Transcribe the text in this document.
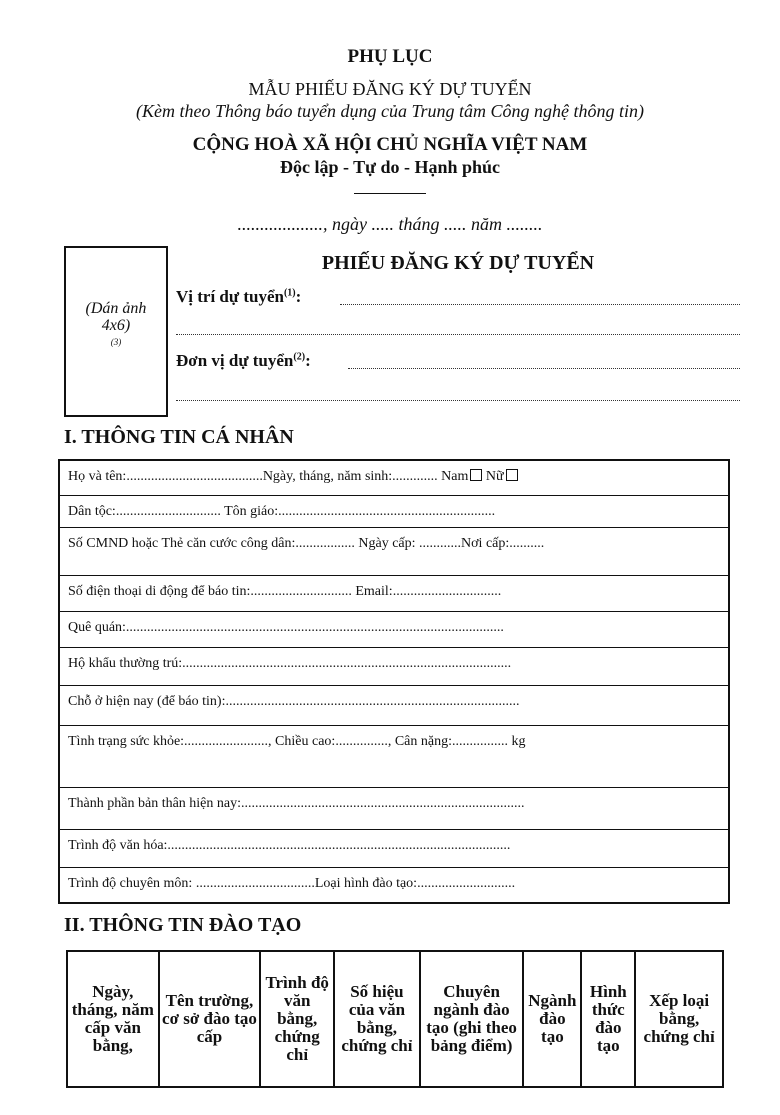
PHỤ LỤC
MẪU PHIẾU ĐĂNG KÝ DỰ TUYỂN
(Kèm theo Thông báo tuyển dụng của Trung tâm Công nghệ thông tin)
CỘNG HOÀ XÃ HỘI CHỦ NGHĨA VIỆT NAM
Độc lập - Tự do - Hạnh phúc
..................., ngày ..... tháng ..... năm ........
(Dán ảnh
4x6)
(3)
PHIẾU ĐĂNG KÝ DỰ TUYỂN
Vị trí dự tuyển$^{(1)}$:
Đơn vị dự tuyển$^{(2)}$:
I. THÔNG TIN CÁ NHÂN
Họ và tên:.......................................Ngày, tháng, năm sinh:............. Nam Nữ
Dân tộc:.............................. Tôn giáo:..............................................................
Số CMND hoặc Thẻ căn cước công dân:................. Ngày cấp: ............Nơi cấp:..........
Số điện thoại di động để báo tin:............................. Email:...............................
Quê quán:............................................................................................................
Hộ khẩu thường trú:..............................................................................................
Chỗ ở hiện nay (để báo tin):....................................................................................
Tình trạng sức khỏe:........................, Chiều cao:..............., Cân nặng:................ kg
Thành phần bản thân hiện nay:.................................................................................
Trình độ văn hóa:..................................................................................................
Trình độ chuyên môn: ..................................Loại hình đào tạo:............................
II. THÔNG TIN ĐÀO TẠO
Ngày, tháng, năm cấp văn bằng,	Tên trường, cơ sở đào tạo cấp	Trình độ văn bằng, chứng chỉ	Số hiệu của văn bằng, chứng chỉ	Chuyên ngành đào tạo (ghi theo bảng điểm)	Ngành đào tạo	Hình thức đào tạo	Xếp loại bằng, chứng chỉ
